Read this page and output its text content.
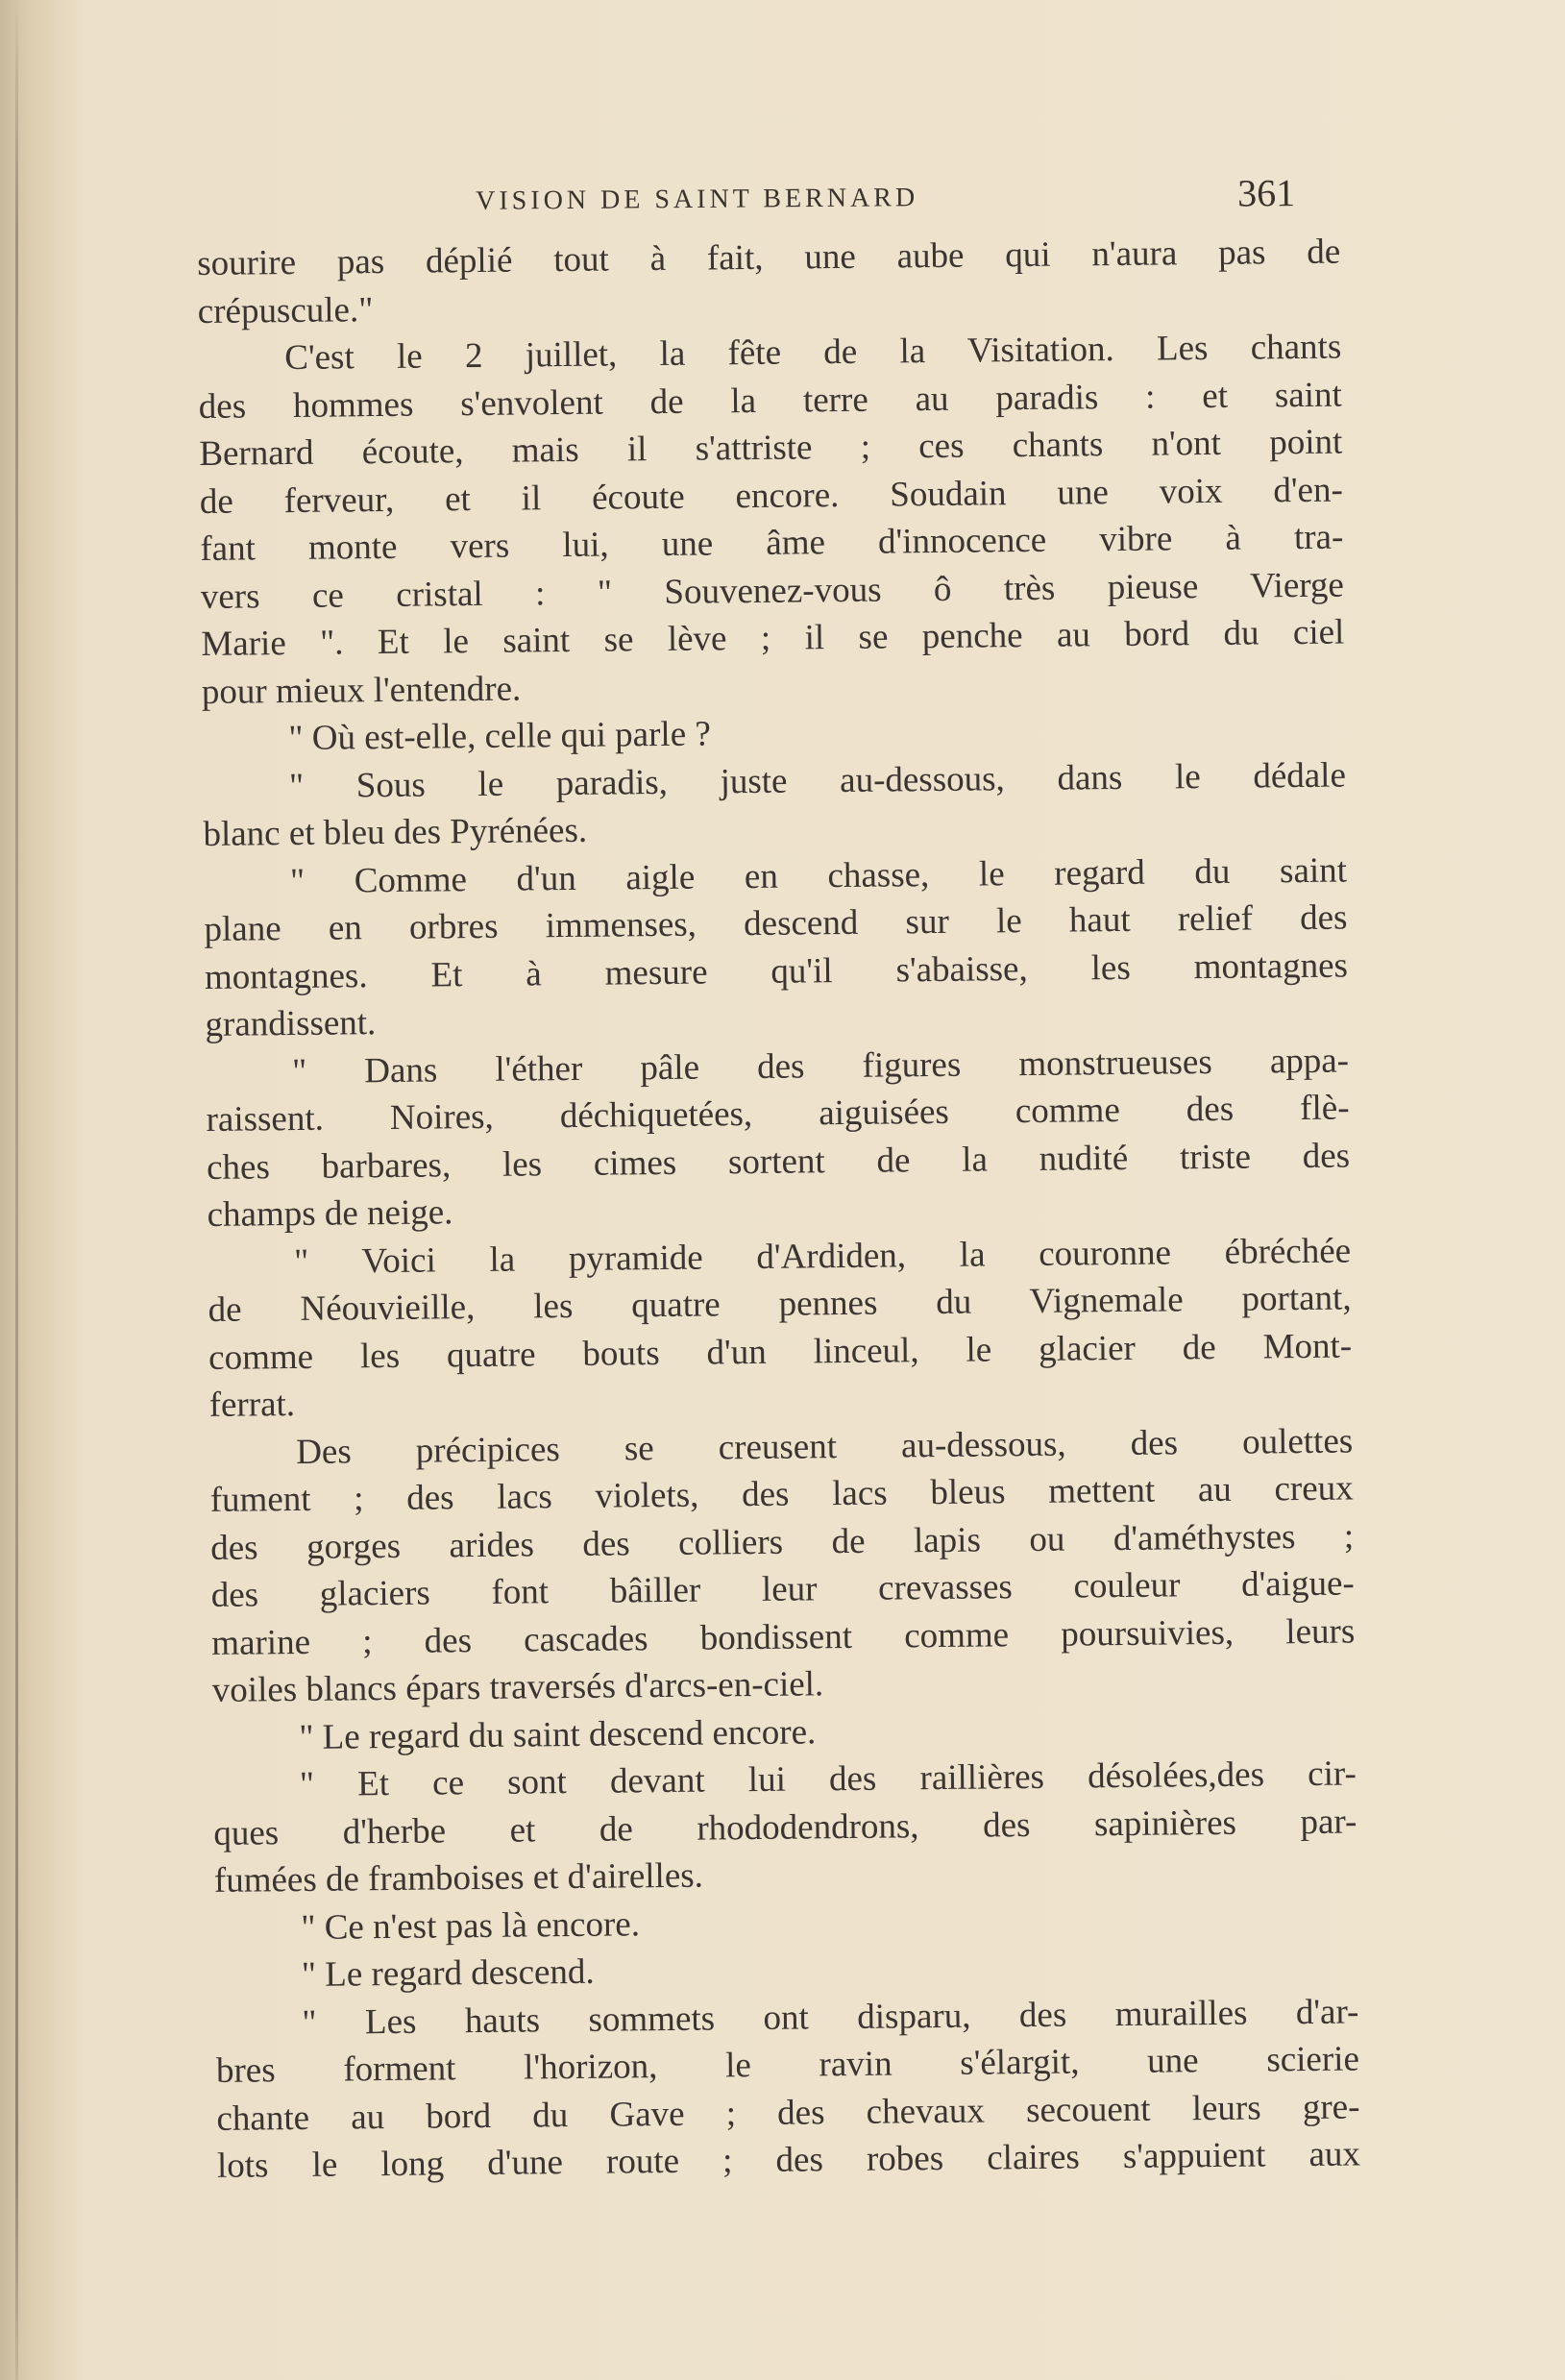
VISION DE SAINT BERNARD	361
sourire pas déplié tout à fait, une aube qui n'aura pas de
crépuscule."
C'est le 2 juillet, la fête de la Visitation. Les chants
des hommes s'envolent de la terre au paradis : et saint
Bernard écoute, mais il s'attriste ; ces chants n'ont point
de ferveur, et il écoute encore. Soudain une voix d'en-
fant monte vers lui, une âme d'innocence vibre à tra-
vers ce cristal : " Souvenez-vous ô très pieuse Vierge
Marie ". Et le saint se lève ; il se penche au bord du ciel
pour mieux l'entendre.
" Où est-elle, celle qui parle ?
" Sous le paradis, juste au-dessous, dans le dédale
blanc et bleu des Pyrénées.
" Comme d'un aigle en chasse, le regard du saint
plane en orbres immenses, descend sur le haut relief des
montagnes. Et à mesure qu'il s'abaisse, les montagnes
grandissent.
" Dans l'éther pâle des figures monstrueuses appa-
raissent. Noires, déchiquetées, aiguisées comme des flè-
ches barbares, les cimes sortent de la nudité triste des
champs de neige.
" Voici la pyramide d'Ardiden, la couronne ébréchée
de Néouvieille, les quatre pennes du Vignemale portant,
comme les quatre bouts d'un linceul, le glacier de Mont-
ferrat.
Des précipices se creusent au-dessous, des oulettes
fument ; des lacs violets, des lacs bleus mettent au creux
des gorges arides des colliers de lapis ou d'améthystes ;
des glaciers font bâiller leur crevasses couleur d'aigue-
marine ; des cascades bondissent comme poursuivies, leurs
voiles blancs épars traversés d'arcs-en-ciel.
" Le regard du saint descend encore.
" Et ce sont devant lui des raillières désolées,des cir-
ques d'herbe et de rhododendrons, des sapinières par-
fumées de framboises et d'airelles.
" Ce n'est pas là encore.
" Le regard descend.
" Les hauts sommets ont disparu, des murailles d'ar-
bres forment l'horizon, le ravin s'élargit, une scierie
chante au bord du Gave ; des chevaux secouent leurs gre-
lots le long d'une route ; des robes claires s'appuient aux
